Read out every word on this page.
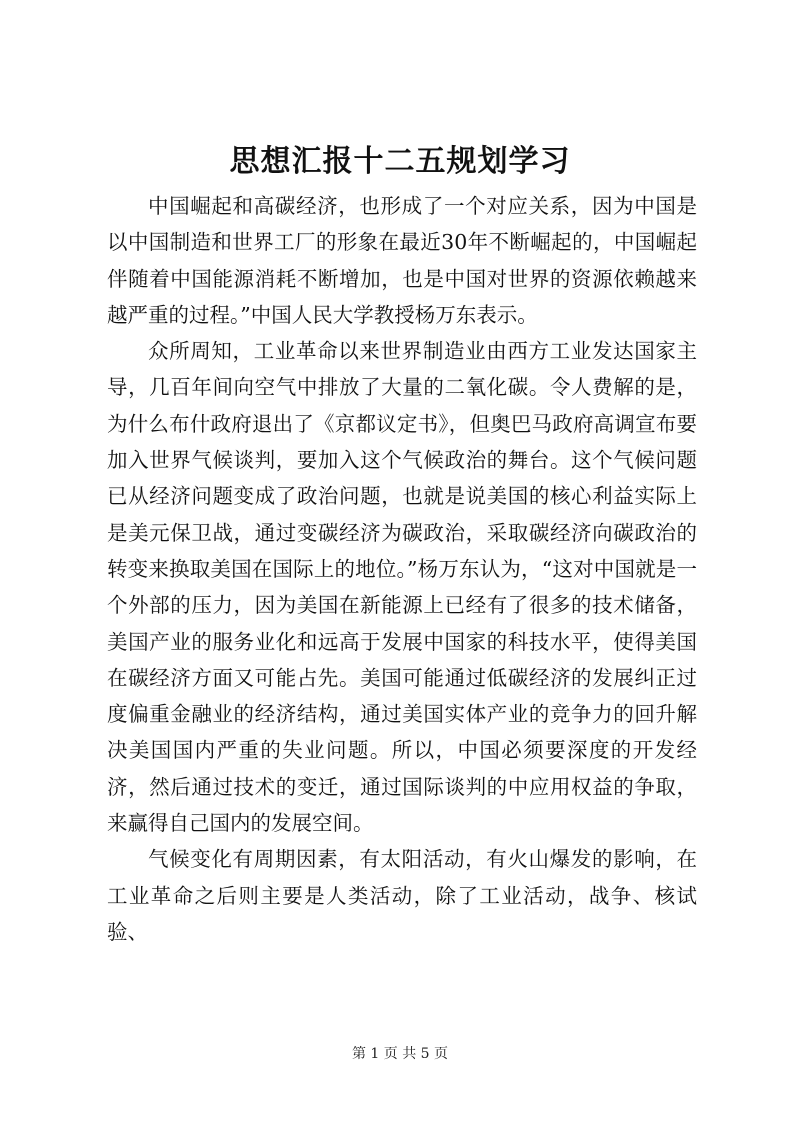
思想汇报十二五规划学习

中国崛起和高碳经济，也形成了一个对应关系，因为中国是以中国制造和世界工厂的形象在最近30年不断崛起的，中国崛起伴随着中国能源消耗不断增加，也是中国对世界的资源依赖越来越严重的过程。”中国人民大学教授杨万东表示。

众所周知，工业革命以来世界制造业由西方工业发达国家主导，几百年间向空气中排放了大量的二氧化碳。令人费解的是，为什么布什政府退出了《京都议定书》，但奥巴马政府高调宣布要加入世界气候谈判，要加入这个气候政治的舞台。这个气候问题已从经济问题变成了政治问题，也就是说美国的核心利益实际上是美元保卫战，通过变碳经济为碳政治，采取碳经济向碳政治的转变来换取美国在国际上的地位。”杨万东认为，“这对中国就是一个外部的压力，因为美国在新能源上已经有了很多的技术储备，美国产业的服务业化和远高于发展中国家的科技水平，使得美国在碳经济方面又可能占先。美国可能通过低碳经济的发展纠正过度偏重金融业的经济结构，通过美国实体产业的竞争力的回升解决美国国内严重的失业问题。所以，中国必须要深度的开发经济，然后通过技术的变迁，通过国际谈判的中应用权益的争取，来赢得自己国内的发展空间。

气候变化有周期因素，有太阳活动，有火山爆发的影响，在工业革命之后则主要是人类活动，除了工业活动，战争、核试验、

第 1 页 共 5 页
